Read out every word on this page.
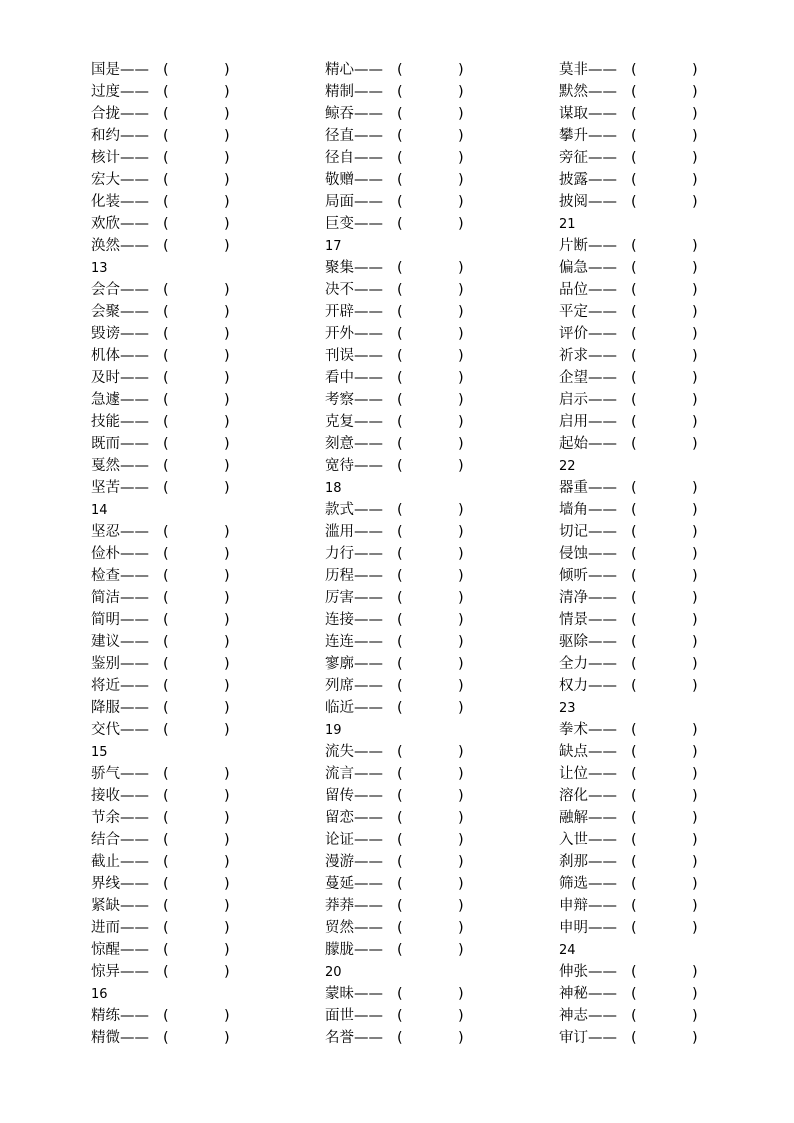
国是—— (	)
过度—— (	)
合拢—— (	)
和约—— (	)
核计—— (	)
宏大—— (	)
化装—— (	)
欢欣—— (	)
涣然—— (	)
13
会合—— (	)
会聚—— (	)
毁谤—— (	)
机体—— (	)
及时—— (	)
急遽—— (	)
技能—— (	)
既而—— (	)
戛然—— (	)
坚苦—— (	)
14
坚忍—— (	)
俭朴—— (	)
检查—— (	)
简洁—— (	)
简明—— (	)
建议—— (	)
鉴别—— (	)
将近—— (	)
降服—— (	)
交代—— (	)
15
骄气—— (	)
接收—— (	)
节余—— (	)
结合—— (	)
截止—— (	)
界线—— (	)
紧缺—— (	)
进而—— (	)
惊醒—— (	)
惊异—— (	)
16
精练—— (	)
精微—— (	)
精心—— (	)
精制—— (	)
鲸吞—— (	)
径直—— (	)
径自—— (	)
敬赠—— (	)
局面—— (	)
巨变—— (	)
17
聚集—— (	)
决不—— (	)
开辟—— (	)
开外—— (	)
刊误—— (	)
看中—— (	)
考察—— (	)
克复—— (	)
刻意—— (	)
宽待—— (	)
18
款式—— (	)
滥用—— (	)
力行—— (	)
历程—— (	)
厉害—— (	)
连接—— (	)
连连—— (	)
寥廓—— (	)
列席—— (	)
临近—— (	)
19
流失—— (	)
流言—— (	)
留传—— (	)
留恋—— (	)
论证—— (	)
漫游—— (	)
蔓延—— (	)
莽莽—— (	)
贸然—— (	)
朦胧—— (	)
20
蒙昧—— (	)
面世—— (	)
名誉—— (	)
莫非—— (	)
默然—— (	)
谋取—— (	)
攀升—— (	)
旁征—— (	)
披露—— (	)
披阅—— (	)
21
片断—— (	)
偏急—— (	)
品位—— (	)
平定—— (	)
评价—— (	)
祈求—— (	)
企望—— (	)
启示—— (	)
启用—— (	)
起始—— (	)
22
器重—— (	)
墙角—— (	)
切记—— (	)
侵蚀—— (	)
倾听—— (	)
清净—— (	)
情景—— (	)
驱除—— (	)
全力—— (	)
权力—— (	)
23
拳术—— (	)
缺点—— (	)
让位—— (	)
溶化—— (	)
融解—— (	)
入世—— (	)
刹那—— (	)
筛选—— (	)
申辩—— (	)
申明—— (	)
24
伸张—— (	)
神秘—— (	)
神志—— (	)
审订—— (	)
